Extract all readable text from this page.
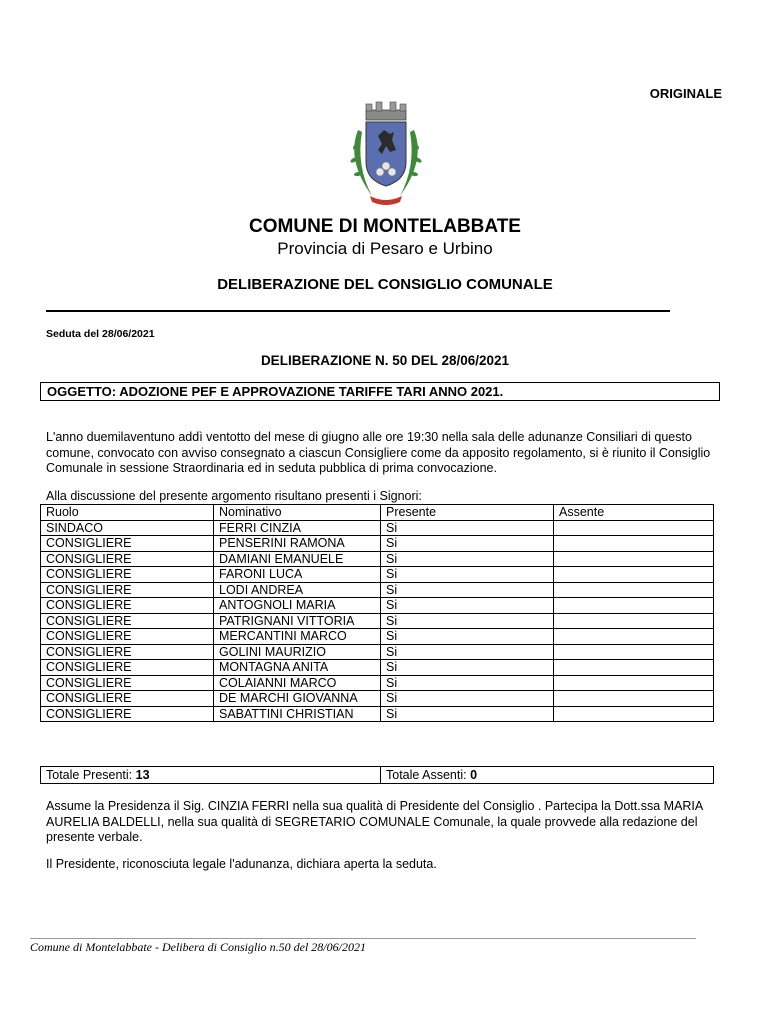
ORIGINALE
COMUNE DI MONTELABBATE
Provincia di Pesaro e Urbino
DELIBERAZIONE DEL CONSIGLIO COMUNALE
Seduta del 28/06/2021
DELIBERAZIONE N. 50 DEL 28/06/2021
OGGETTO: ADOZIONE PEF E APPROVAZIONE TARIFFE TARI ANNO 2021.
L'anno duemilaventuno addì ventotto del mese di giugno alle ore 19:30 nella sala delle adunanze Consiliari di questo comune, convocato con avviso consegnato a ciascun Consigliere come da apposito regolamento, si è riunito il Consiglio Comunale in sessione Straordinaria ed in seduta pubblica di prima convocazione.
Alla discussione del presente argomento risultano presenti i Signori:
Ruolo	Nominativo	Presente	Assente
SINDACO	FERRI CINZIA	Si	
CONSIGLIERE	PENSERINI RAMONA	Si	
CONSIGLIERE	DAMIANI EMANUELE	Si	
CONSIGLIERE	FARONI LUCA	Si	
CONSIGLIERE	LODI ANDREA	Si	
CONSIGLIERE	ANTOGNOLI MARIA	Si	
CONSIGLIERE	PATRIGNANI VITTORIA	Si	
CONSIGLIERE	MERCANTINI MARCO	Si	
CONSIGLIERE	GOLINI MAURIZIO	Si	
CONSIGLIERE	MONTAGNA ANITA	Si	
CONSIGLIERE	COLAIANNI MARCO	Si	
CONSIGLIERE	DE MARCHI GIOVANNA	Si	
CONSIGLIERE	SABATTINI CHRISTIAN	Si	
Totale Presenti: 13	Totale Assenti: 0
Assume la Presidenza il Sig. CINZIA FERRI nella sua qualità di Presidente del Consiglio . Partecipa la Dott.ssa MARIA AURELIA BALDELLI, nella sua qualità di SEGRETARIO COMUNALE Comunale, la quale provvede alla redazione del presente verbale.
Il Presidente, riconosciuta legale l'adunanza, dichiara aperta la seduta.
Comune di Montelabbate - Delibera di Consiglio n.50 del 28/06/2021
